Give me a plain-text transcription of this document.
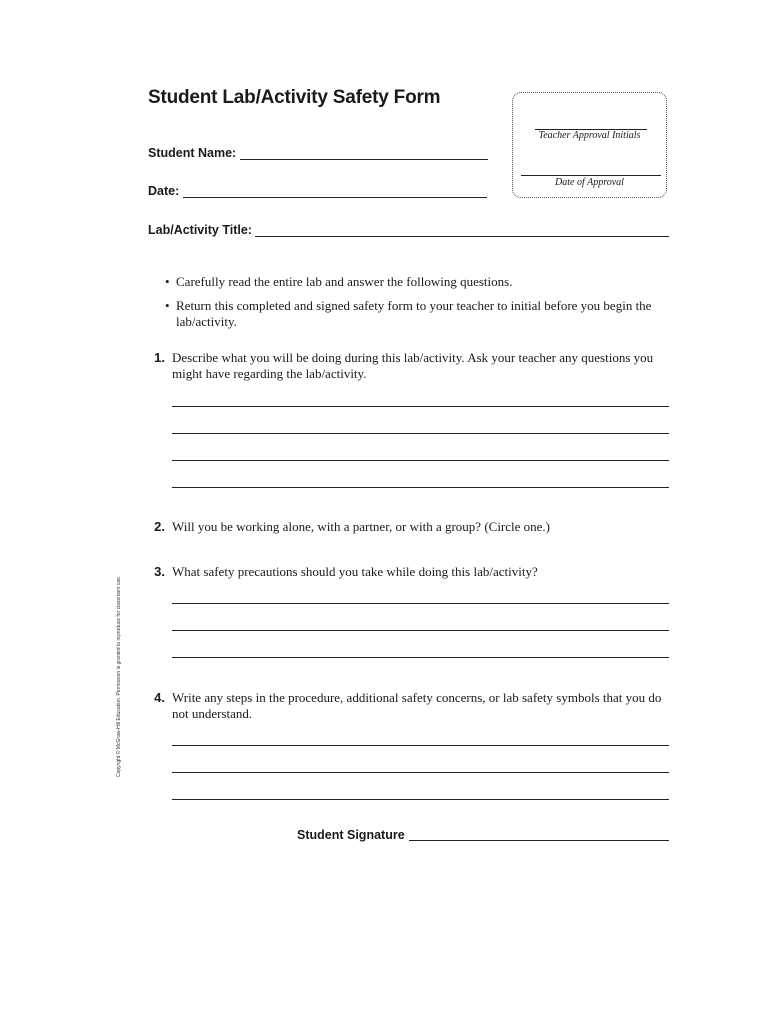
Student Lab/Activity Safety Form
Teacher Approval Initials
Date of Approval
Student Name:
Date:
Lab/Activity Title:
• Carefully read the entire lab and answer the following questions.
• Return this completed and signed safety form to your teacher to initial before you begin the lab/activity.
1. Describe what you will be doing during this lab/activity. Ask your teacher any questions you might have regarding the lab/activity.
2. Will you be working alone, with a partner, or with a group? (Circle one.)
3. What safety precautions should you take while doing this lab/activity?
4. Write any steps in the procedure, additional safety concerns, or lab safety symbols that you do not understand.
Student Signature
Copyright © McGraw-Hill Education. Permission is granted to reproduce for classroom use.
